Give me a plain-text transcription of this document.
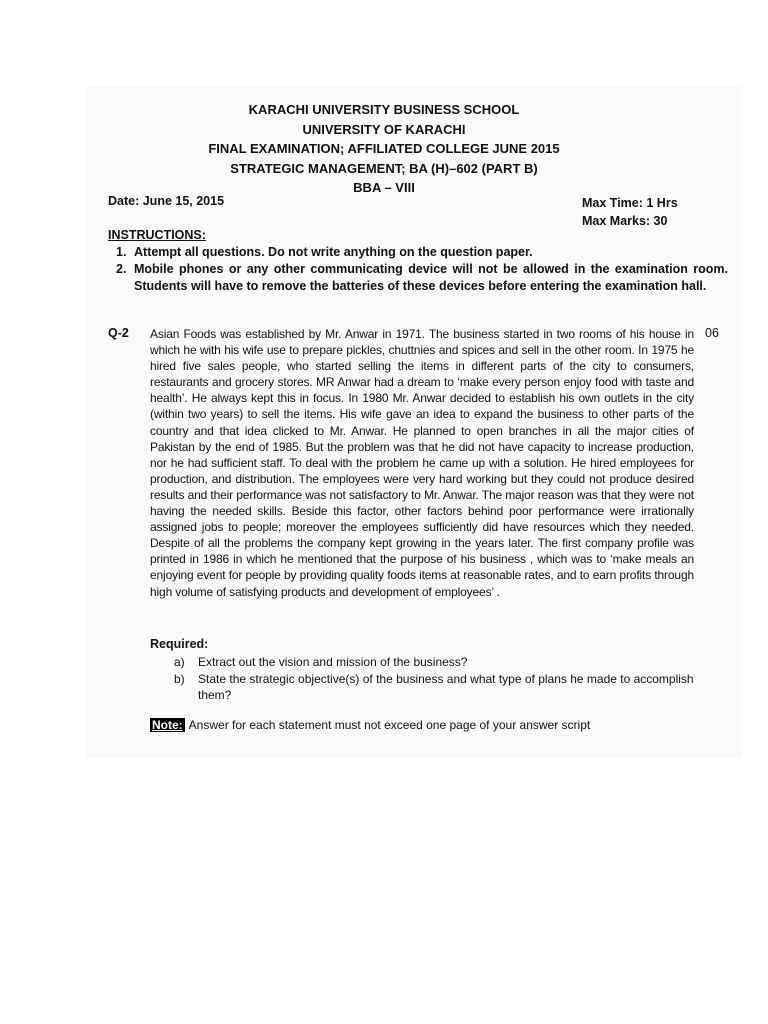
KARACHI UNIVERSITY BUSINESS SCHOOL
UNIVERSITY OF KARACHI
FINAL EXAMINATION; AFFILIATED COLLEGE JUNE 2015
STRATEGIC MANAGEMENT; BA (H)–602 (PART B)
BBA – VIII
Date: June 15, 2015	Max Time: 1 Hrs
Max Marks: 30
INSTRUCTIONS:
1. Attempt all questions. Do not write anything on the question paper.
2. Mobile phones or any other communicating device will not be allowed in the examination room. Students will have to remove the batteries of these devices before entering the examination hall.
Q-2	06
Asian Foods was established by Mr. Anwar in 1971. The business started in two rooms of his house in which he with his wife use to prepare pickles, chuttnies and spices and sell in the other room. In 1975 he hired five sales people, who started selling the items in different parts of the city to consumers, restaurants and grocery stores. MR Anwar had a dream to ‘make every person enjoy food with taste and health’. He always kept this in focus. In 1980 Mr. Anwar decided to establish his own outlets in the city (within two years) to sell the items. His wife gave an idea to expand the business to other parts of the country and that idea clicked to Mr. Anwar. He planned to open branches in all the major cities of Pakistan by the end of 1985. But the problem was that he did not have capacity to increase production, nor he had sufficient staff. To deal with the problem he came up with a solution. He hired employees for production, and distribution. The employees were very hard working but they could not produce desired results and their performance was not satisfactory to Mr. Anwar. The major reason was that they were not having the needed skills. Beside this factor, other factors behind poor performance were irrationally assigned jobs to people; moreover the employees sufficiently did have resources which they needed. Despite of all the problems the company kept growing in the years later. The first company profile was printed in 1986 in which he mentioned that the purpose of his business , which was to ‘make meals an enjoying event for people by providing quality foods items at reasonable rates, and to earn profits through high volume of satisfying products and development of employees’ .
Required:
a) Extract out the vision and mission of the business?
b) State the strategic objective(s) of the business and what type of plans he made to accomplish them?
Note: Answer for each statement must not exceed one page of your answer script
